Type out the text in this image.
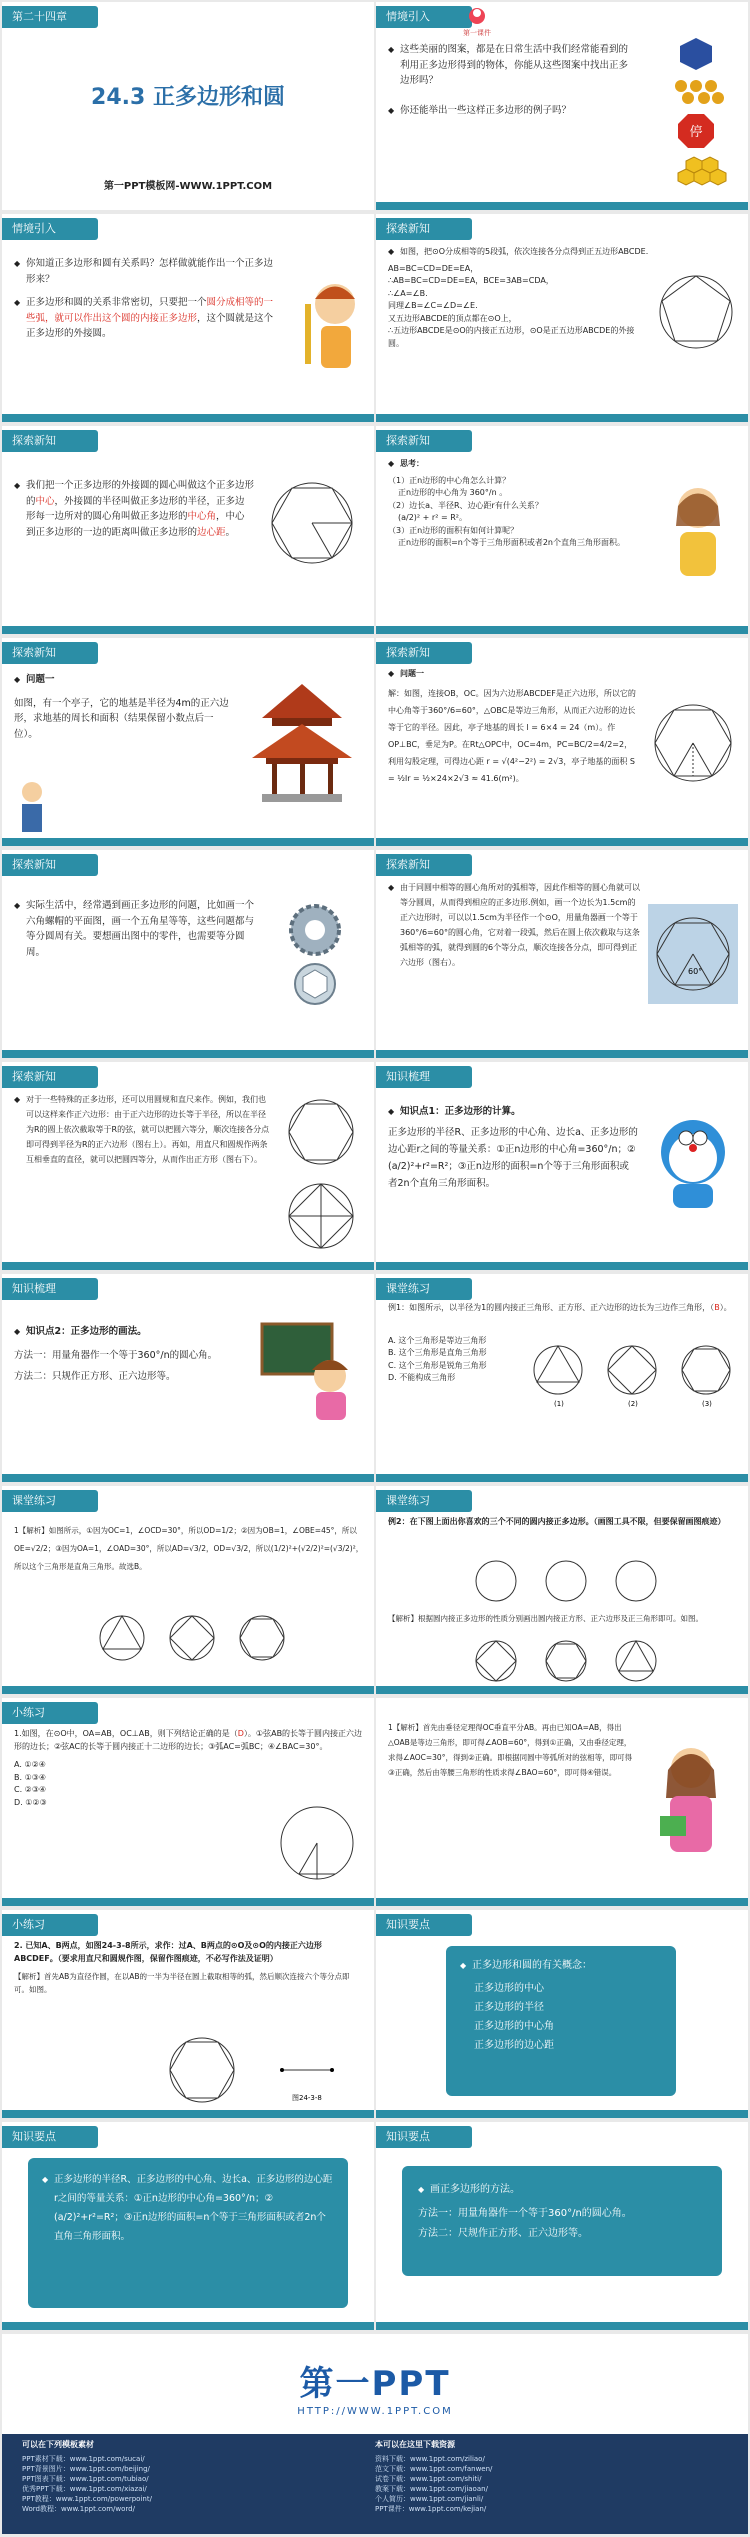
第二十四章　圆
24.3 正多边形和圆
第一PPT模板网-WWW.1PPT.COM
情境引入
第一课件
◆ 这些美丽的图案，都是在日常生活中我们经常能看到的利用正多边形得到的物体，你能从这些图案中找出正多边形吗？
◆ 你还能举出一些这样正多边形的例子吗？
停
情境引入
◆ 你知道正多边形和圆有关系吗？怎样做就能作出一个正多边形来？
◆ 正多边形和圆的关系非常密切，只要把一个圆分成相等的一些弧，就可以作出这个圆的内接正多边形，这个圆就是这个正多边形的外接圆。
探索新知
◆ 如图，把⊙O分成相等的5段弧，依次连接各分点得到正五边形ABCDE.
AB=BC=CD=DE=EA，
∴AB=BC=CD=DE=EA，BCE=3AB=CDA，
∴∠A=∠B.
同理∠B=∠C=∠D=∠E.
又五边形ABCDE的顶点都在⊙O上，
∴五边形ABCDE是⊙O的内接正五边形，⊙O是正五边形ABCDE的外接圆。
探索新知
◆ 我们把一个正多边形的外接圆的圆心叫做这个正多边形的中心，外接圆的半径叫做正多边形的半径，正多边形每一边所对的圆心角叫做正多边形的中心角，中心到正多边形的一边的距离叫做正多边形的边心距。
探索新知
◆ 思考：
（1）正n边形的中心角怎么计算？
正n边形的中心角为 360°/n 。
（2）边长a、半径R、边心距r有什么关系？
(a/2)² + r² = R²。
（3）正n边形的面积有如何计算呢？
正n边形的面积=n个等于三角形面积或者2n个直角三角形面积。
探索新知
◆ 问题一
如图，有一个亭子，它的地基是半径为4m的正六边形，求地基的周长和面积（结果保留小数点后一位）。
探索新知
◆ 问题一
解：如图，连接OB，OC。因为六边形ABCDEF是正六边形，所以它的中心角等于360°/6=60°，△OBC是等边三角形，从而正六边形的边长等于它的半径。因此，亭子地基的周长 l = 6×4 = 24（m）。作OP⊥BC，垂足为P。在Rt△OPC中，OC=4m，PC=BC/2=4/2=2，利用勾股定理，可得边心距 r = √(4²−2²) = 2√3，亭子地基的面积 S = ½lr = ½×24×2√3 ≈ 41.6(m²)。
探索新知
◆ 实际生活中，经常遇到画正多边形的问题，比如画一个六角螺帽的平面图，画一个五角星等等，这些问题都与等分圆周有关。要想画出图中的零件，也需要等分圆周。
探索新知
◆ 由于同圆中相等的圆心角所对的弧相等，因此作相等的圆心角就可以等分圆周，从而得到相应的正多边形.例如，画一个边长为1.5cm的正六边形时，可以以1.5cm为半径作一个⊙O，用量角器画一个等于360°/6=60°的圆心角，它对着一段弧，然后在圆上依次截取与这条弧相等的弧，就得到圆的6个等分点，顺次连接各分点，即可得到正六边形（图右）。
60°
探索新知
◆ 对于一些特殊的正多边形，还可以用圆规和直尺来作。例如，我们也可以这样来作正六边形：由于正六边形的边长等于半径，所以在半径为R的圆上依次截取等于R的弦，就可以把圆六等分，顺次连接各分点即可得到半径为R的正六边形（图右上）。再如，用直尺和圆规作两条互相垂直的直径，就可以把圆四等分，从而作出正方形（图右下）。
知识梳理
◆ 知识点1：正多边形的计算。
正多边形的半径R、正多边形的中心角、边长a、正多边形的边心距r之间的等量关系：①正n边形的中心角=360°/n；② (a/2)²+r²=R²；③正n边形的面积=n个等于三角形面积或者2n个直角三角形面积。
知识梳理
◆ 知识点2：正多边形的画法。
方法一：用量角器作一个等于360°/n的圆心角。
方法二：只规作正方形、正六边形等。
课堂练习
例1：如图所示，以半径为1的圆内接正三角形、正方形、正六边形的边长为三边作三角形，（B）。
A. 这个三角形是等边三角形
B. 这个三角形是直角三角形
C. 这个三角形是锐角三角形
D. 不能构成三角形
(1)	(2)	(3)
课堂练习
1【解析】如图所示，①因为OC=1，∠OCD=30°，所以OD=1/2；②因为OB=1，∠OBE=45°，所以OE=√2/2；③因为OA=1，∠OAD=30°，所以AD=√3/2，OD=√3/2，所以(1/2)²+(√2/2)²=(√3/2)²，所以这个三角形是直角三角形。故选B。
课堂练习
例2：在下图上面出你喜欢的三个不同的圆内接正多边形。（画图工具不限，但要保留画图痕迹）
【解析】根据圆内接正多边形的性质分别画出圆内接正方形、正六边形及正三角形即可。如图。
小练习
1.如图，在⊙O中，OA=AB，OC⊥AB，则下列结论正确的是（D）。①弦AB的长等于圆内接正六边形的边长；②弦AC的长等于圆内接正十二边形的边长；③弧AC=弧BC；④∠BAC=30°。
A. ①②④
B. ①③④
C. ②③④
D. ①②③
1【解析】首先由垂径定理得OC垂直平分AB。再由已知OA=AB，得出△OAB是等边三角形，即可得∠AOB=60°，得到①正确，又由垂径定理，求得∠AOC=30°，得到②正确。即根据同圆中等弧所对的弦相等，即可得③正确，然后由等腰三角形的性质求得∠BAO=60°，即可得④错误。
小练习
2. 已知A、B两点，如图24-3-8所示，求作：过A、B两点的⊙O及⊙O的内接正六边形ABCDEF。（要求用直尺和圆规作图，保留作图痕迹，不必写作法及证明）
【解析】首先AB为直径作圆，在以AB的一半为半径在圆上截取相等的弧，然后顺次连接六个等分点即可。如图。
图24-3-8
知识要点
◆ 正多边形和圆的有关概念：
正多边形的中心
正多边形的半径
正多边形的中心角
正多边形的边心距
知识要点
◆ 正多边形的半径R、正多边形的中心角、边长a、正多边形的边心距r之间的等量关系：①正n边形的中心角=360°/n；② (a/2)²+r²=R²；③正n边形的面积=n个等于三角形面积或者2n个直角三角形面积。
知识要点
◆ 画正多边形的方法。
方法一：用量角器作一个等于360°/n的圆心角。
方法二：尺规作正方形、正六边形等。
第一PPT
HTTP://WWW.1PPT.COM
可以在下列模板素材
PPT素材下载：www.1ppt.com/sucai/
PPT背景图片：www.1ppt.com/beijing/
PPT图表下载：www.1ppt.com/tubiao/
优秀PPT下载：www.1ppt.com/xiazai/
PPT教程：www.1ppt.com/powerpoint/
Word教程：www.1ppt.com/word/
本可以在这里下载资源
资料下载：www.1ppt.com/ziliao/
范文下载：www.1ppt.com/fanwen/
试卷下载：www.1ppt.com/shiti/
教案下载：www.1ppt.com/jiaoan/
个人简历：www.1ppt.com/jianli/
PPT课件：www.1ppt.com/kejian/
